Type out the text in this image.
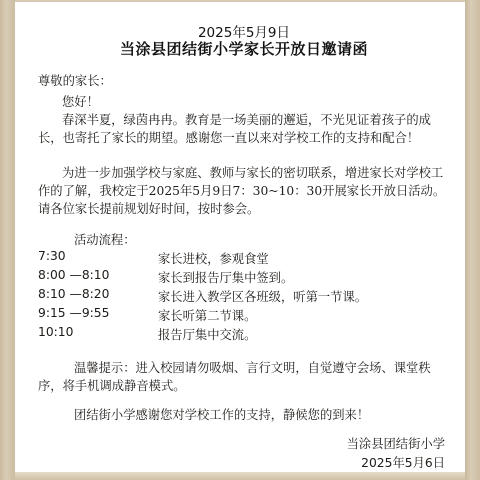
2025年5月9日
当涂县团结街小学家长开放日邀请函
尊敬的家长：
您好！
春深半夏，绿茵冉冉。教育是一场美丽的邂逅，不光见证着孩子的成长，也寄托了家长的期望。感谢您一直以来对学校工作的支持和配合！
为进一步加强学校与家庭、教师与家长的密切联系，增进家长对学校工作的了解，我校定于2025年5月9日7：30~10：30开展家长开放日活动。请各位家长提前规划好时间，按时参会。
活动流程：
7:30	家长进校，参观食堂
8:00 —8:10	家长到报告厅集中签到。
8:10 —8:20	家长进入教学区各班级，听第一节课。
9:15 —9:55	家长听第二节课。
10:10	报告厅集中交流。
温馨提示：进入校园请勿吸烟、言行文明，自觉遵守会场、课堂秩序，将手机调成静音模式。
团结街小学感谢您对学校工作的支持，静候您的到来！
当涂县团结街小学
2025年5月6日
